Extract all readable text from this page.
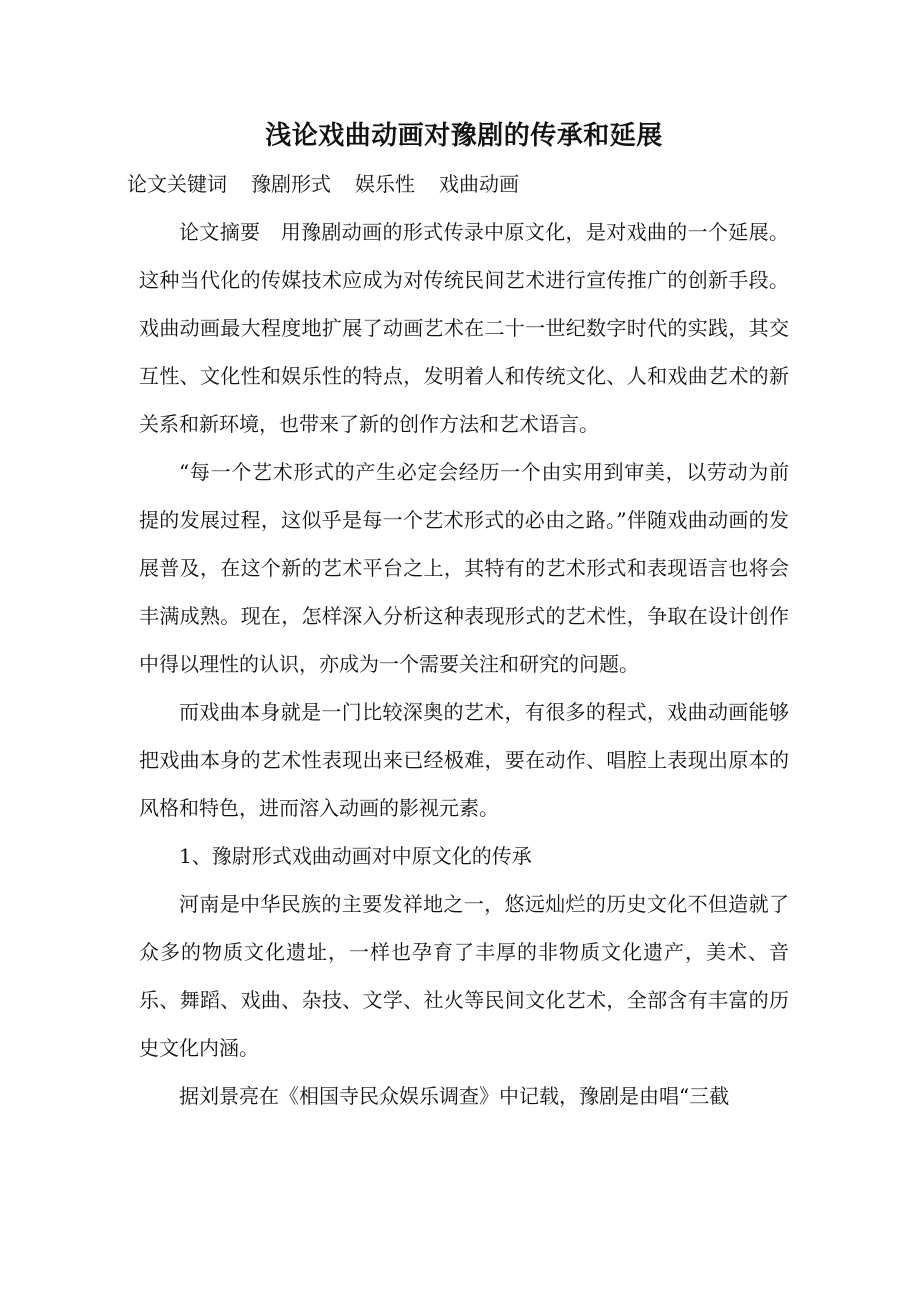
浅论戏曲动画对豫剧的传承和延展
论文关键词 豫剧形式 娱乐性 戏曲动画

论文摘要　用豫剧动画的形式传录中原文化，是对戏曲的一个延展。这种当代化的传媒技术应成为对传统民间艺术进行宣传推广的创新手段。戏曲动画最大程度地扩展了动画艺术在二十一世纪数字时代的实践，其交互性、文化性和娱乐性的特点，发明着人和传统文化、人和戏曲艺术的新关系和新环境，也带来了新的创作方法和艺术语言。

“每一个艺术形式的产生必定会经历一个由实用到审美，以劳动为前提的发展过程，这似乎是每一个艺术形式的必由之路。”伴随戏曲动画的发展普及，在这个新的艺术平台之上，其特有的艺术形式和表现语言也将会丰满成熟。现在，怎样深入分析这种表现形式的艺术性，争取在设计创作中得以理性的认识，亦成为一个需要关注和研究的问题。

而戏曲本身就是一门比较深奥的艺术，有很多的程式，戏曲动画能够把戏曲本身的艺术性表现出来已经极难，要在动作、唱腔上表现出原本的风格和特色，进而溶入动画的影视元素。

1、豫尉形式戏曲动画对中原文化的传承

河南是中华民族的主要发祥地之一，悠远灿烂的历史文化不但造就了众多的物质文化遗址，一样也孕育了丰厚的非物质文化遗产，美术、音乐、舞蹈、戏曲、杂技、文学、社火等民间文化艺术，全部含有丰富的历史文化内涵。

据刘景亮在《相国寺民众娱乐调查》中记载，豫剧是由唱“三截
